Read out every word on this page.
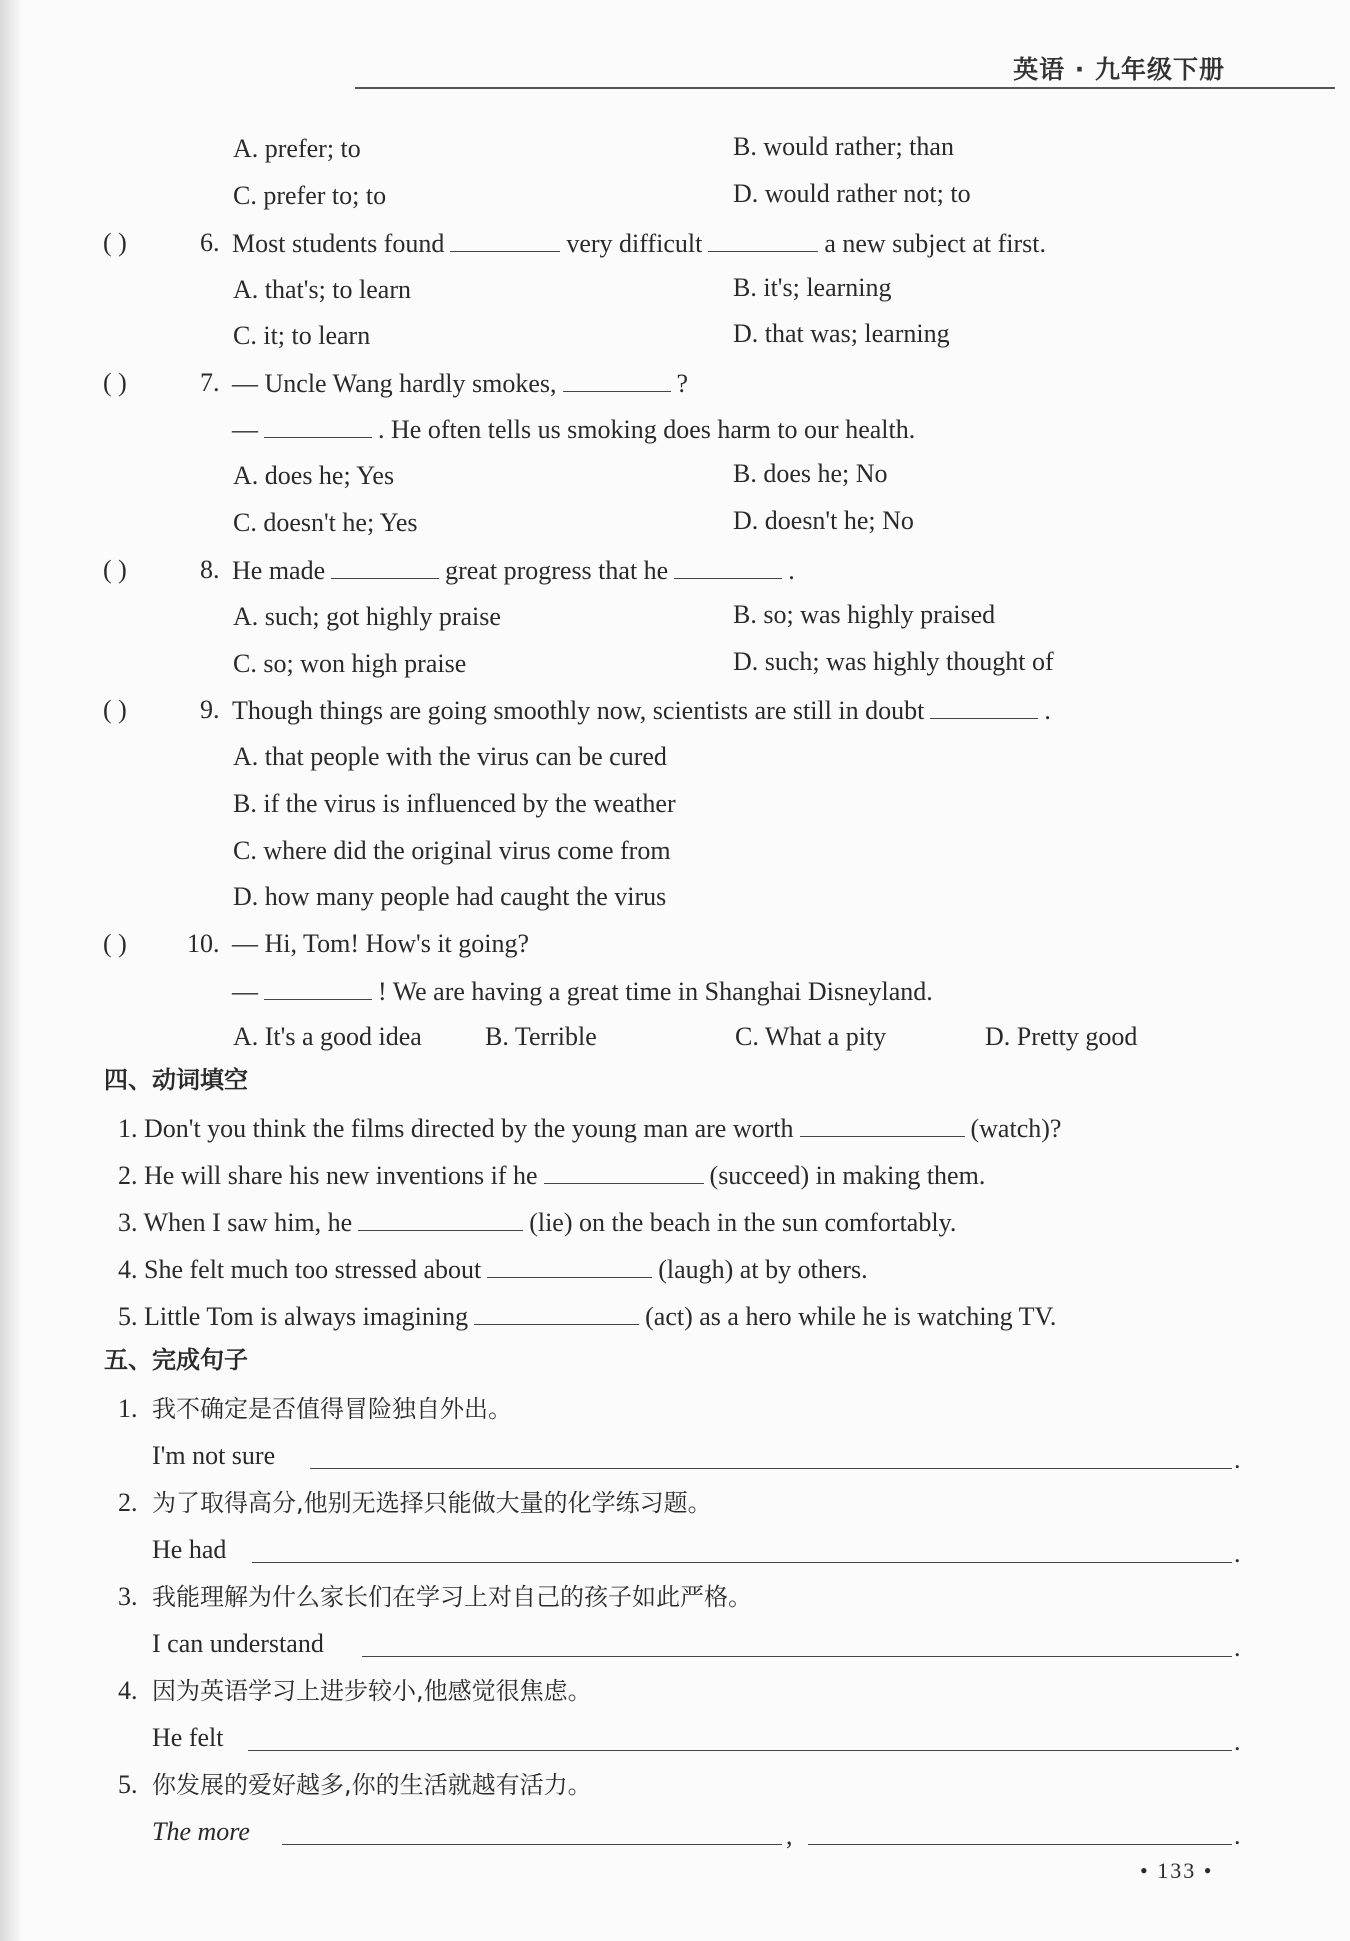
英语 · 九年级下册
A. prefer; to	B. would rather; than
C. prefer to; to	D. would rather not; to
( )	6. Most students found	very difficult	a new subject at first.
A. that's; to learn	B. it's; learning
C. it; to learn	D. that was; learning
( )	7. — Uncle Wang hardly smokes,	?
—	. He often tells us smoking does harm to our health.
A. does he; Yes	B. does he; No
C. doesn't he; Yes	D. doesn't he; No
( )	8. He made	great progress that he	.
A. such; got highly praise	B. so; was highly praised
C. so; won high praise	D. such; was highly thought of
( )	9. Though things are going smoothly now, scientists are still in doubt	.
A. that people with the virus can be cured
B. if the virus is influenced by the weather
C. where did the original virus come from
D. how many people had caught the virus
( ) 10. — Hi, Tom! How's it going?
—	! We are having a great time in Shanghai Disneyland.
A. It's a good idea B. Terrible	C. What a pity	D. Pretty good
四、动词填空
1. Don't you think the films directed by the young man are worth	(watch)?
2. He will share his new inventions if he	(succeed) in making them.
3. When I saw him, he	(lie) on the beach in the sun comfortably.
4. She felt much too stressed about	(laugh) at by others.
5. Little Tom is always imagining	(act) as a hero while he is watching TV.
五、完成句子
1. 我不确定是否值得冒险独自外出。
I'm not sure	.
2. 为了取得高分,他别无选择只能做大量的化学练习题。
He had	.
3. 我能理解为什么家长们在学习上对自己的孩子如此严格。
I can understand	.
4. 因为英语学习上进步较小,他感觉很焦虑。
He felt	.
5. 你发展的爱好越多,你的生活就越有活力。
The more	,	.
• 133 •
